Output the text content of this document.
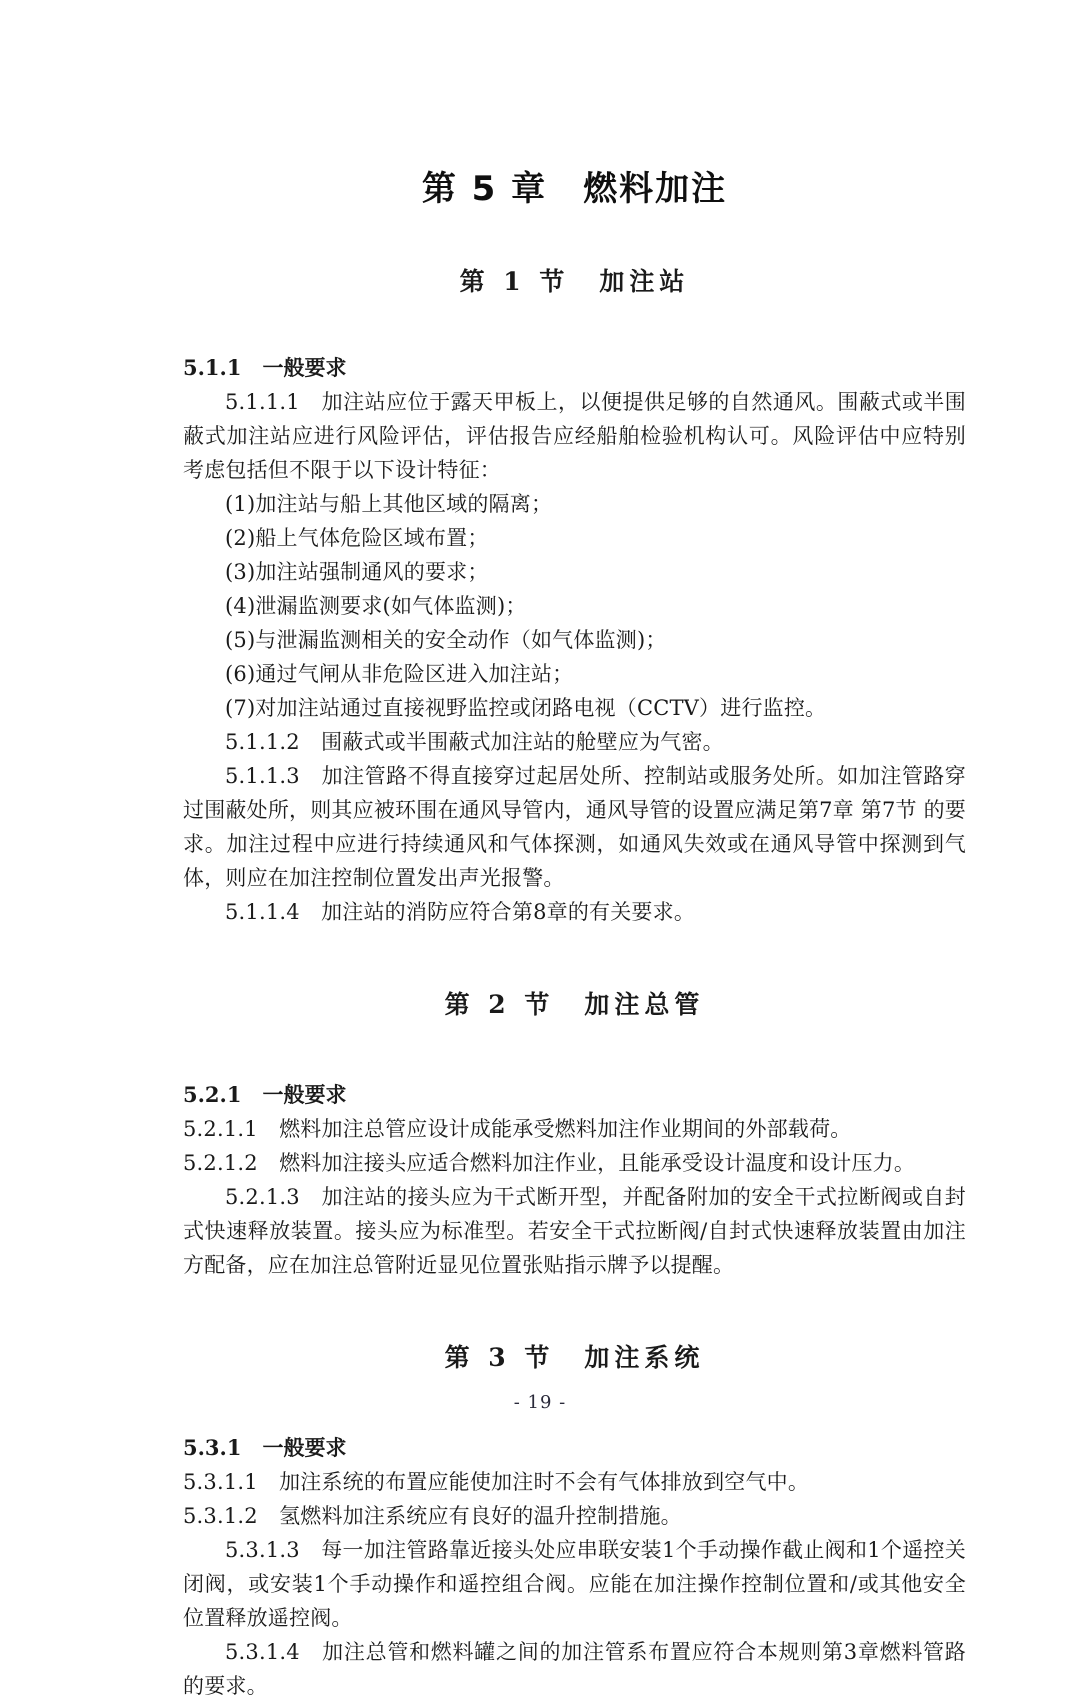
第 5 章　燃料加注
第 1 节　加注站
5.1.1　一般要求

5.1.1.1　加注站应位于露天甲板上，以便提供足够的自然通风。围蔽式或半围蔽式加注站应进行风险评估，评估报告应经船舶检验机构认可。风险评估中应特别考虑包括但不限于以下设计特征：

(1)加注站与船上其他区域的隔离；

(2)船上气体危险区域布置；

(3)加注站强制通风的要求；

(4)泄漏监测要求(如气体监测)；

(5)与泄漏监测相关的安全动作（如气体监测)；

(6)通过气闸从非危险区进入加注站；

(7)对加注站通过直接视野监控或闭路电视（CCTV）进行监控。

5.1.1.2　围蔽式或半围蔽式加注站的舱壁应为气密。

5.1.1.3　加注管路不得直接穿过起居处所、控制站或服务处所。如加注管路穿过围蔽处所，则其应被环围在通风导管内，通风导管的设置应满足第7章 第7节 的要求。加注过程中应进行持续通风和气体探测，如通风失效或在通风导管中探测到气体，则应在加注控制位置发出声光报警。

5.1.1.4　加注站的消防应符合第8章的有关要求。

第 2 节　加注总管
5.2.1　一般要求

5.2.1.1　燃料加注总管应设计成能承受燃料加注作业期间的外部载荷。

5.2.1.2　燃料加注接头应适合燃料加注作业，且能承受设计温度和设计压力。

5.2.1.3　加注站的接头应为干式断开型，并配备附加的安全干式拉断阀或自封式快速释放装置。接头应为标准型。若安全干式拉断阀/自封式快速释放装置由加注方配备，应在加注总管附近显见位置张贴指示牌予以提醒。

第 3 节　加注系统
5.3.1　一般要求

5.3.1.1　加注系统的布置应能使加注时不会有气体排放到空气中。

5.3.1.2　氢燃料加注系统应有良好的温升控制措施。

5.3.1.3　每一加注管路靠近接头处应串联安装1个手动操作截止阀和1个遥控关闭阀，或安装1个手动操作和遥控组合阀。应能在加注操作控制位置和/或其他安全位置释放遥控阀。

5.3.1.4　加注总管和燃料罐之间的加注管系布置应符合本规则第3章燃料管路的要求。

- 19 -
